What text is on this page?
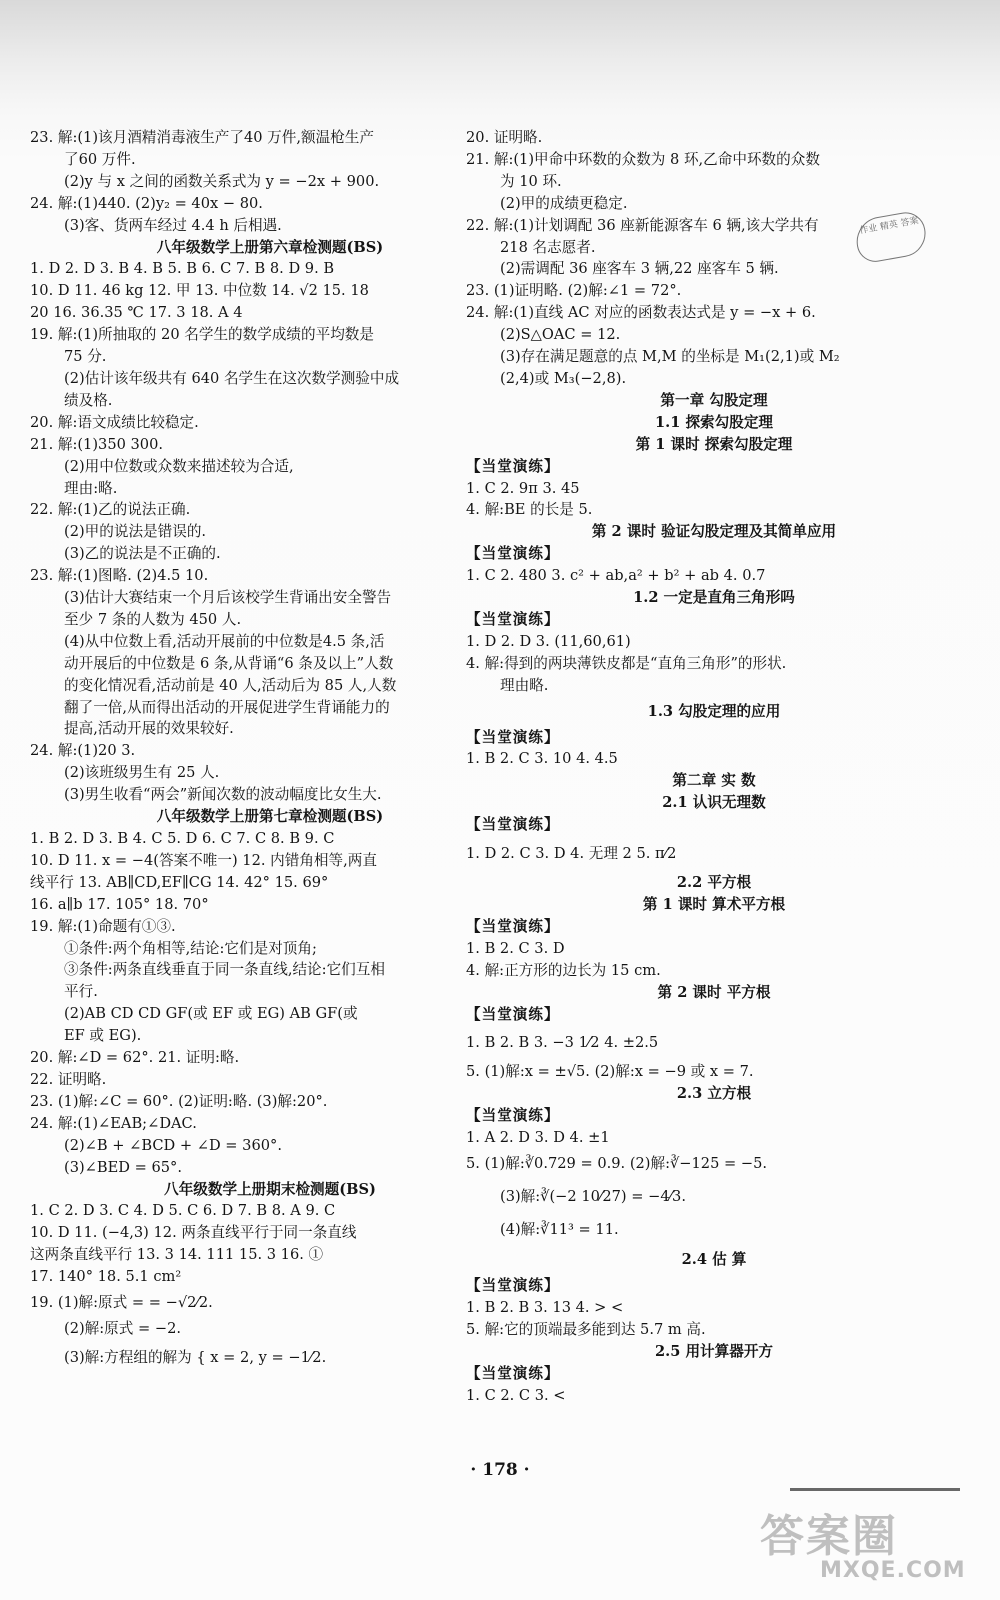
23. 解:(1)该月酒精消毒液生产了40 万件,额温枪生产
了60 万件.
(2)y 与 x 之间的函数关系式为 y = −2x + 900.
24. 解:(1)440. (2)y₂ = 40x − 80.
(3)客、货两车经过 4.4 h 后相遇.
八年级数学上册第六章检测题(BS)
1. D 2. D 3. B 4. B 5. B 6. C 7. B 8. D 9. B
10. D 11. 46 kg 12. 甲 13. 中位数 14. √2 15. 18
20 16. 36.35 ℃ 17. 3 18. A 4
19. 解:(1)所抽取的 20 名学生的数学成绩的平均数是
75 分.
(2)估计该年级共有 640 名学生在这次数学测验中成
绩及格.
20. 解:语文成绩比较稳定.
21. 解:(1)350 300.
(2)用中位数或众数来描述较为合适,
理由:略.
22. 解:(1)乙的说法正确.
(2)甲的说法是错误的.
(3)乙的说法是不正确的.
23. 解:(1)图略. (2)4.5 10.
(3)估计大赛结束一个月后该校学生背诵出安全警告
至少 7 条的人数为 450 人.
(4)从中位数上看,活动开展前的中位数是4.5 条,活
动开展后的中位数是 6 条,从背诵“6 条及以上”人数
的变化情况看,活动前是 40 人,活动后为 85 人,人数
翻了一倍,从而得出活动的开展促进学生背诵能力的
提高,活动开展的效果较好.
24. 解:(1)20 3.
(2)该班级男生有 25 人.
(3)男生收看“两会”新闻次数的波动幅度比女生大.
八年级数学上册第七章检测题(BS)
1. B 2. D 3. B 4. C 5. D 6. C 7. C 8. B 9. C
10. D 11. x = −4(答案不唯一) 12. 内错角相等,两直
线平行 13. AB∥CD,EF∥CG 14. 42° 15. 69°
16. a∥b 17. 105° 18. 70°
19. 解:(1)命题有①③.
①条件:两个角相等,结论:它们是对顶角;
③条件:两条直线垂直于同一条直线,结论:它们互相
平行.
(2)AB CD CD GF(或 EF 或 EG) AB GF(或
EF 或 EG).
20. 解:∠D = 62°. 21. 证明:略.
22. 证明略.
23. (1)解:∠C = 60°. (2)证明:略. (3)解:20°.
24. 解:(1)∠EAB;∠DAC.
(2)∠B + ∠BCD + ∠D = 360°.
(3)∠BED = 65°.
八年级数学上册期末检测题(BS)
1. C 2. D 3. C 4. D 5. C 6. D 7. B 8. A 9. C
10. D 11. (−4,3) 12. 两条直线平行于同一条直线
这两条直线平行 13. 3 14. 111 15. 3 16. ①
17. 140° 18. 5.1 cm²
19. (1)解:原式 = = −√2⁄2.
(2)解:原式 = −2.
(3)解:方程组的解为 { x = 2, y = −1⁄2.
20. 证明略.
21. 解:(1)甲命中环数的众数为 8 环,乙命中环数的众数
为 10 环.
(2)甲的成绩更稳定.
22. 解:(1)计划调配 36 座新能源客车 6 辆,该大学共有
218 名志愿者.
(2)需调配 36 座客车 3 辆,22 座客车 5 辆.
23. (1)证明略. (2)解:∠1 = 72°.
24. 解:(1)直线 AC 对应的函数表达式是 y = −x + 6.
(2)S△OAC = 12.
(3)存在满足题意的点 M,M 的坐标是 M₁(2,1)或 M₂
(2,4)或 M₃(−2,8).
第一章 勾股定理
1.1 探索勾股定理
第 1 课时 探索勾股定理
【当堂演练】
1. C 2. 9π 3. 45
4. 解:BE 的长是 5.
第 2 课时 验证勾股定理及其简单应用
【当堂演练】
1. C 2. 480 3. c² + ab,a² + b² + ab 4. 0.7
1.2 一定是直角三角形吗
【当堂演练】
1. D 2. D 3. (11,60,61)
4. 解:得到的两块薄铁皮都是“直角三角形”的形状.
理由略.
1.3 勾股定理的应用
【当堂演练】
1. B 2. C 3. 10 4. 4.5
第二章 实 数
2.1 认识无理数
【当堂演练】
1. D 2. C 3. D 4. 无理 2 5. π⁄2
2.2 平方根
第 1 课时 算术平方根
【当堂演练】
1. B 2. C 3. D
4. 解:正方形的边长为 15 cm.
第 2 课时 平方根
【当堂演练】
1. B 2. B 3. −3 1⁄2 4. ±2.5
5. (1)解:x = ±√5. (2)解:x = −9 或 x = 7.
2.3 立方根
【当堂演练】
1. A 2. D 3. D 4. ±1
5. (1)解:∛0.729 = 0.9. (2)解:∛−125 = −5.
(3)解:∛(−2 10⁄27) = −4⁄3.
(4)解:∛11³ = 11.
2.4 估 算
【当堂演练】
1. B 2. B 3. 13 4. > <
5. 解:它的顶端最多能到达 5.7 m 高.
2.5 用计算器开方
【当堂演练】
1. C 2. C 3. <
作业 精英 答案
· 178 ·
答案圈
MXQE.COM
